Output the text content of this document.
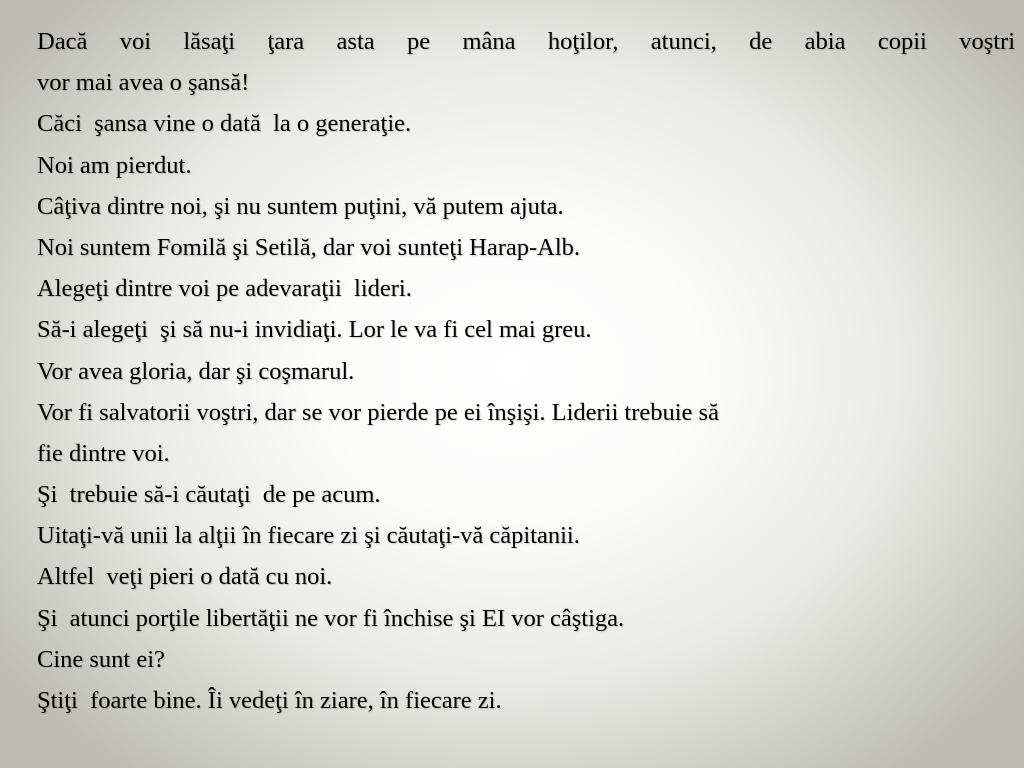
Dacă voi lăsaţi ţara asta pe mâna hoţilor, atunci, de abia copii voştri
vor mai avea o şansă!
Căci  şansa vine o dată  la o generaţie.
Noi am pierdut.
Câţiva dintre noi, şi nu suntem puţini, vă putem ajuta.
Noi suntem Fomilă şi Setilă, dar voi sunteţi Harap-Alb.
Alegeţi dintre voi pe adevaraţii  lideri.
Să-i alegeţi  şi să nu-i invidiaţi. Lor le va fi cel mai greu.
Vor avea gloria, dar şi coşmarul.
Vor fi salvatorii voştri, dar se vor pierde pe ei înşişi. Liderii trebuie să
fie dintre voi.
Şi  trebuie să-i căutaţi  de pe acum.
Uitaţi-vă unii la alţii în fiecare zi şi căutaţi-vă căpitanii.
Altfel  veţi pieri o dată cu noi.
Şi  atunci porţile libertăţii ne vor fi închise şi EI vor câştiga.
Cine sunt ei?
Ştiţi  foarte bine. Îi vedeţi în ziare, în fiecare zi.
